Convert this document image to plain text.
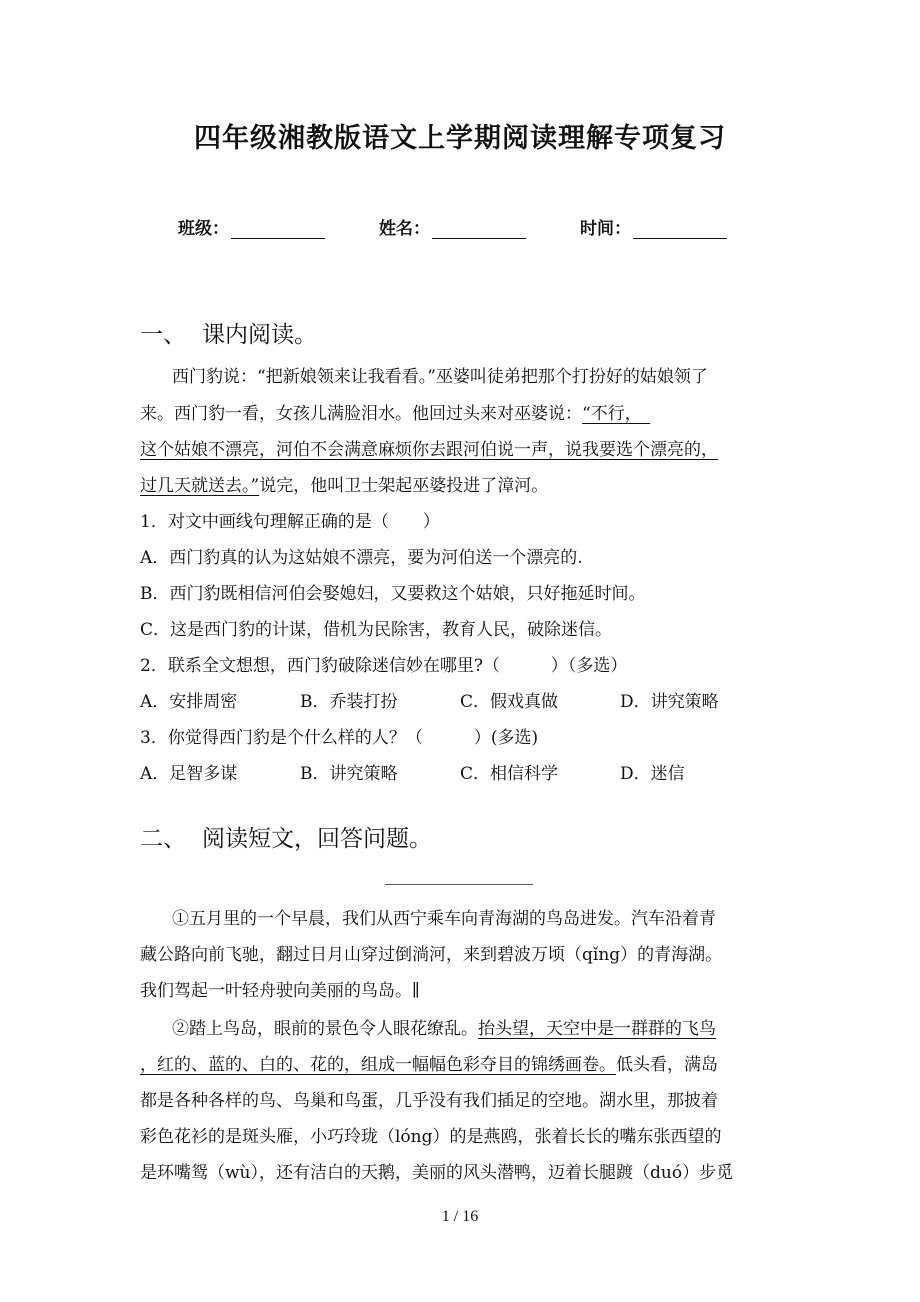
四年级湘教版语文上学期阅读理解专项复习
班级：	姓名：	时间：
一、 课内阅读。
西门豹说：“把新娘领来让我看看。”巫婆叫徒弟把那个打扮好的姑娘领了
来。西门豹一看，女孩儿满脸泪水。他回过头来对巫婆说：“不行，　
这个姑娘不漂亮，河伯不会满意麻烦你去跟河伯说一声，说我要选个漂亮的，
过几天就送去。”说完，他叫卫士架起巫婆投进了漳河。
1．对文中画线句理解正确的是（　　）
A．西门豹真的认为这姑娘不漂亮，要为河伯送一个漂亮的.
B．西门豹既相信河伯会娶媳妇，又要救这个姑娘，只好拖延时间。
C．这是西门豹的计谋，借机为民除害，教育人民，破除迷信。
2．联系全文想想，西门豹破除迷信妙在哪里?（　　　）（多选）
A．安排周密	B．乔装打扮	C．假戏真做	D．讲究策略
3．你觉得西门豹是个什么样的人？（　　　）(多选)
A．足智多谋	B．讲究策略	C．相信科学	D．迷信
二、 阅读短文，回答问题。
①五月里的一个早晨，我们从西宁乘车向青海湖的鸟岛进发。汽车沿着青
藏公路向前飞驰，翻过日月山穿过倒淌河，来到碧波万顷（qǐng）的青海湖。
我们驾起一叶轻舟驶向美丽的鸟岛。∥
②踏上鸟岛，眼前的景色令人眼花缭乱。抬头望，天空中是一群群的飞鸟
，红的、蓝的、白的、花的，组成一幅幅色彩夺目的锦绣画卷。低头看，满岛
都是各种各样的鸟、鸟巢和鸟蛋，几乎没有我们插足的空地。湖水里，那披着
彩色花衫的是斑头雁，小巧玲珑（lóng）的是燕鸥，张着长长的嘴东张西望的
是环嘴鸳（wù），还有洁白的天鹅，美丽的风头潜鸭，迈着长腿踱（duó）步觅
1 / 16
